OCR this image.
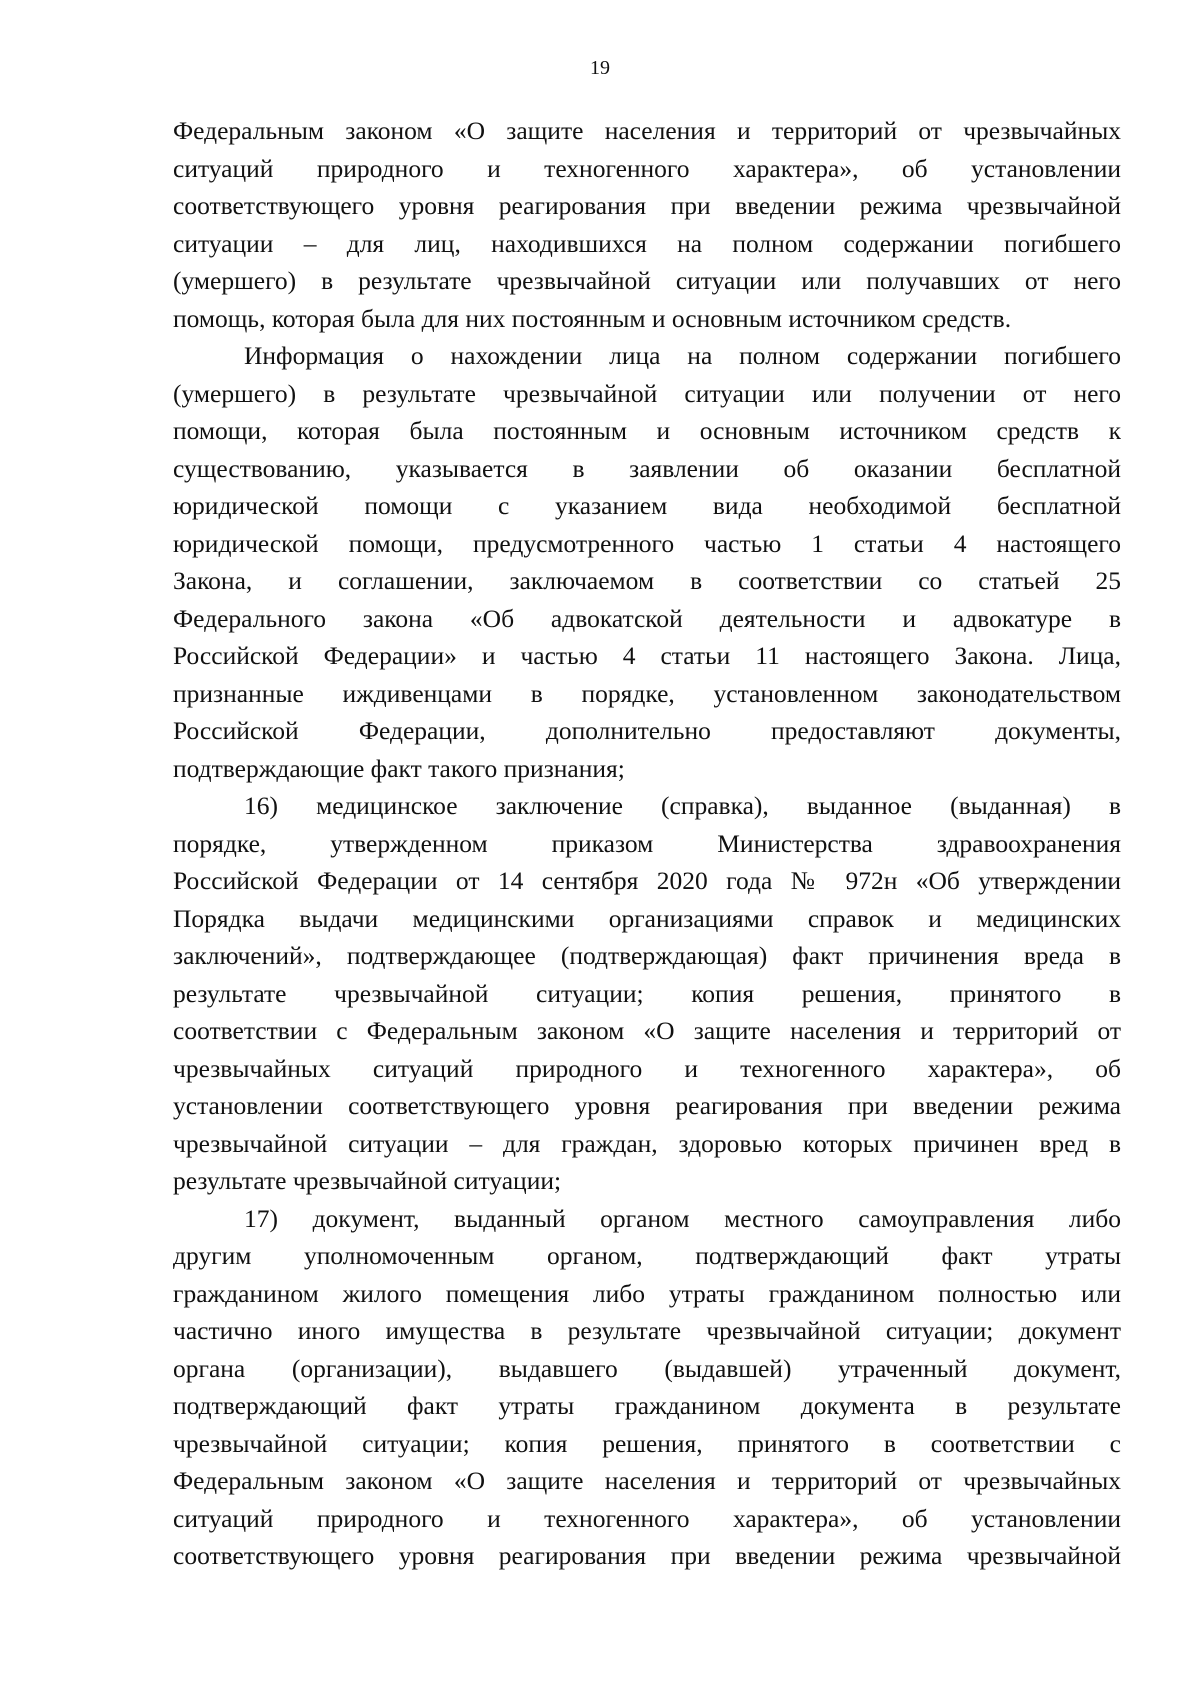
19
Федеральным законом «О защите населения и территорий от чрезвычайных
ситуаций природного и техногенного характера», об установлении
соответствующего уровня реагирования при введении режима чрезвычайной
ситуации – для лиц, находившихся на полном содержании погибшего
(умершего) в результате чрезвычайной ситуации или получавших от него
помощь, которая была для них постоянным и основным источником средств.
Информация о нахождении лица на полном содержании погибшего
(умершего) в результате чрезвычайной ситуации или получении от него
помощи, которая была постоянным и основным источником средств к
существованию, указывается в заявлении об оказании бесплатной
юридической помощи с указанием вида необходимой бесплатной
юридической помощи, предусмотренного частью 1 статьи 4 настоящего
Закона, и соглашении, заключаемом в соответствии со статьей 25
Федерального закона «Об адвокатской деятельности и адвокатуре в
Российской Федерации» и частью 4 статьи 11 настоящего Закона. Лица,
признанные иждивенцами в порядке, установленном законодательством
Российской Федерации, дополнительно предоставляют документы,
подтверждающие факт такого признания;
16) медицинское заключение (справка), выданное (выданная) в
порядке, утвержденном приказом Министерства здравоохранения
Российской Федерации от 14 сентября 2020 года № 972н «Об утверждении
Порядка выдачи медицинскими организациями справок и медицинских
заключений», подтверждающее (подтверждающая) факт причинения вреда в
результате чрезвычайной ситуации; копия решения, принятого в
соответствии с Федеральным законом «О защите населения и территорий от
чрезвычайных ситуаций природного и техногенного характера», об
установлении соответствующего уровня реагирования при введении режима
чрезвычайной ситуации – для граждан, здоровью которых причинен вред в
результате чрезвычайной ситуации;
17) документ, выданный органом местного самоуправления либо
другим уполномоченным органом, подтверждающий факт утраты
гражданином жилого помещения либо утраты гражданином полностью или
частично иного имущества в результате чрезвычайной ситуации; документ
органа (организации), выдавшего (выдавшей) утраченный документ,
подтверждающий факт утраты гражданином документа в результате
чрезвычайной ситуации; копия решения, принятого в соответствии с
Федеральным законом «О защите населения и территорий от чрезвычайных
ситуаций природного и техногенного характера», об установлении
соответствующего уровня реагирования при введении режима чрезвычайной
